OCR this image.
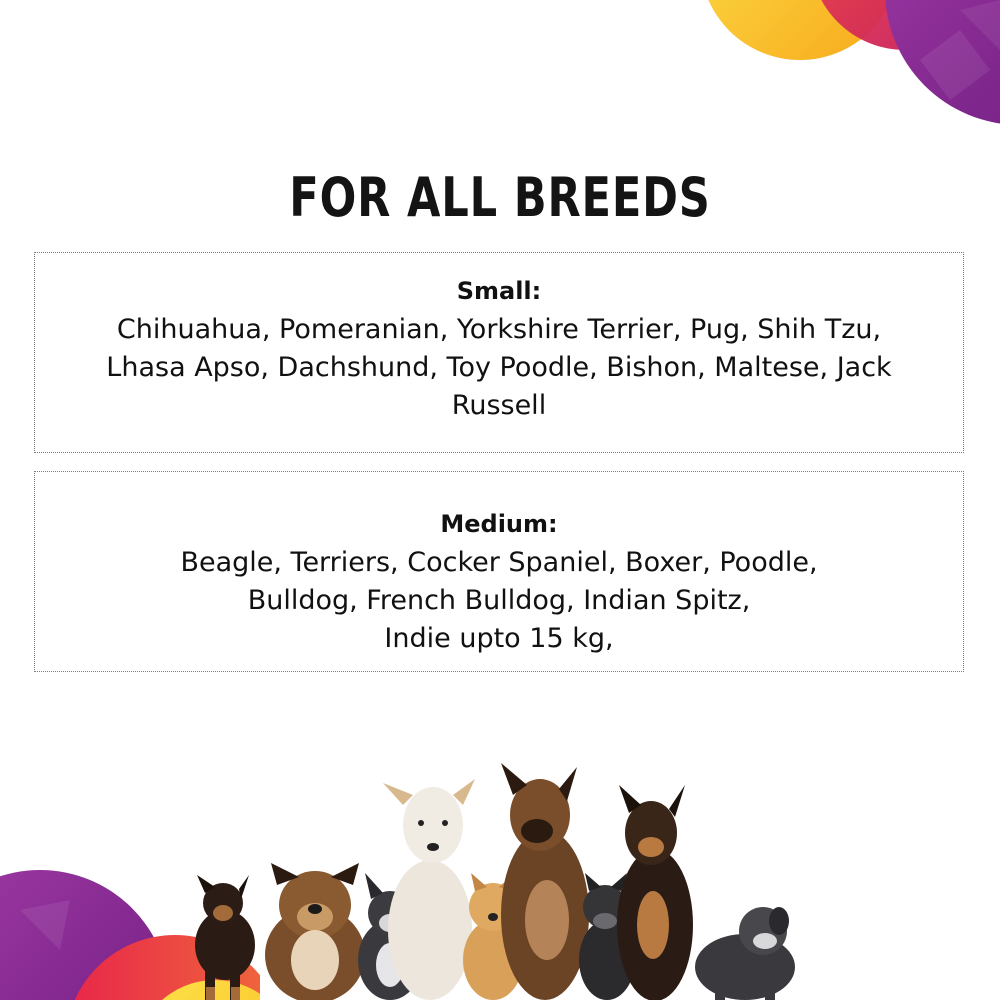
FOR ALL BREEDS
Small:
Chihuahua, Pomeranian, Yorkshire Terrier, Pug, Shih Tzu, Lhasa Apso, Dachshund, Toy Poodle, Bishon, Maltese, Jack Russell
Medium:
Beagle, Terriers, Cocker Spaniel, Boxer, Poodle,
Bulldog, French Bulldog, Indian Spitz,
Indie upto 15 kg,
